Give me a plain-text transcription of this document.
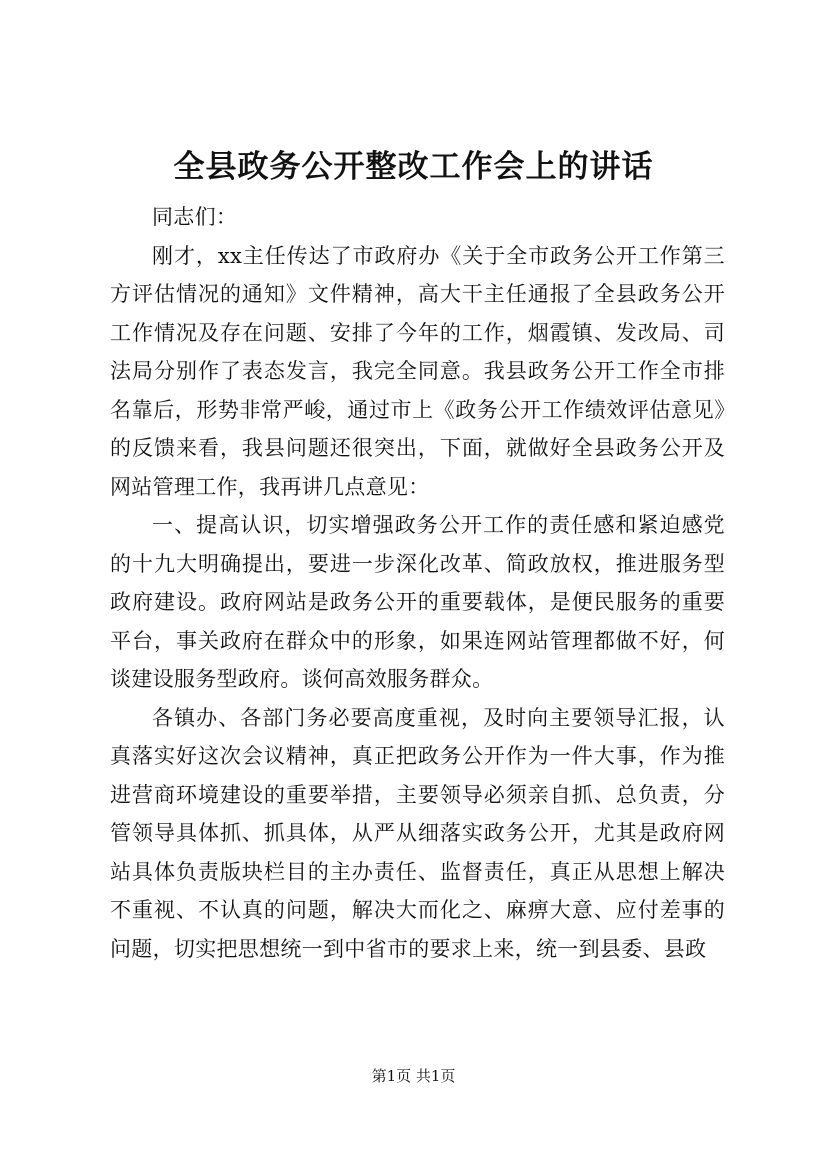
全县政务公开整改工作会上的讲话

同志们：

刚才，xx主任传达了市政府办《关于全市政务公开工作第三方评估情况的通知》文件精神，高大干主任通报了全县政务公开工作情况及存在问题、安排了今年的工作，烟霞镇、发改局、司法局分别作了表态发言，我完全同意。我县政务公开工作全市排名靠后，形势非常严峻，通过市上《政务公开工作绩效评估意见》的反馈来看，我县问题还很突出，下面，就做好全县政务公开及网站管理工作，我再讲几点意见：

一、提高认识，切实增强政务公开工作的责任感和紧迫感党的十九大明确提出，要进一步深化改革、简政放权，推进服务型政府建设。政府网站是政务公开的重要载体，是便民服务的重要平台，事关政府在群众中的形象，如果连网站管理都做不好，何谈建设服务型政府。谈何高效服务群众。

各镇办、各部门务必要高度重视，及时向主要领导汇报，认真落实好这次会议精神，真正把政务公开作为一件大事，作为推进营商环境建设的重要举措，主要领导必须亲自抓、总负责，分管领导具体抓、抓具体，从严从细落实政务公开，尤其是政府网站具体负责版块栏目的主办责任、监督责任，真正从思想上解决不重视、不认真的问题，解决大而化之、麻痹大意、应付差事的问题，切实把思想统一到中省市的要求上来，统一到县委、县政

第1页 共1页
